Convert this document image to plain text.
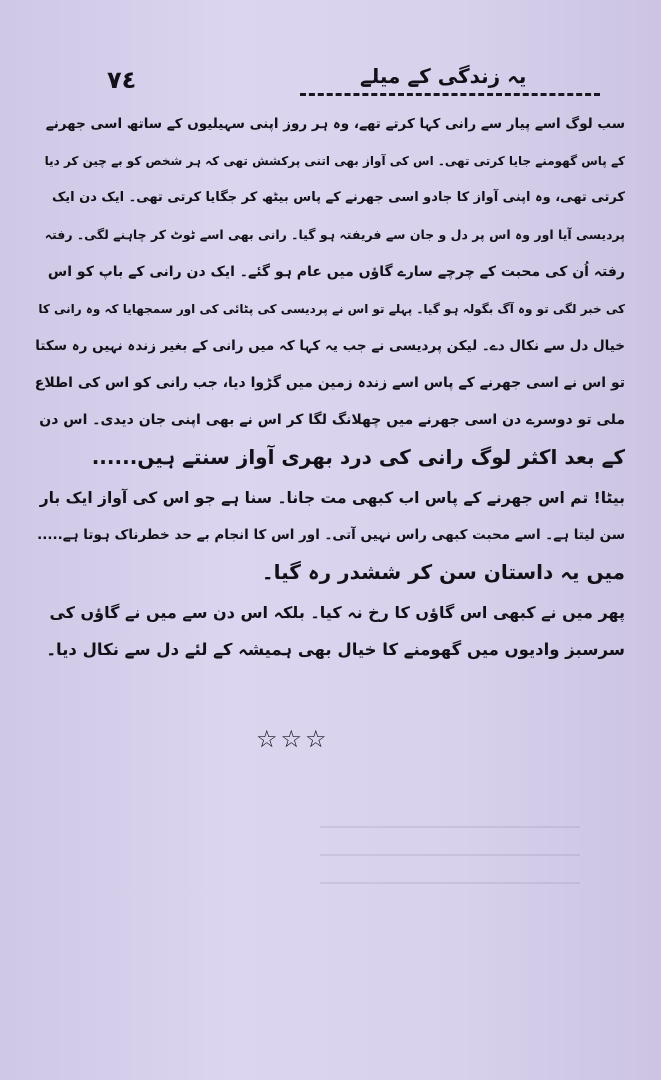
٧٤	یہ زندگی کے میلے
سب لوگ اسے پیار سے رانی کہا کرتے تھے، وہ ہر روز اپنی سہیلیوں کے ساتھ اسی جھرنے
کے پاس گھومنے جایا کرتی تھی۔ اس کی آواز بھی اتنی پرکشش تھی کہ ہر شخص کو بے چین کر دیا
کرتی تھی، وہ اپنی آواز کا جادو اسی جھرنے کے پاس بیٹھ کر جگایا کرتی تھی۔ ایک دن ایک
پردیسی آیا اور وہ اس پر دل و جان سے فریفتہ ہو گیا۔ رانی بھی اسے ٹوٹ کر چاہنے لگی۔ رفتہ
رفتہ اُن کی محبت کے چرچے سارے گاؤں میں عام ہو گئے۔ ایک دن رانی کے باپ کو اس
کی خبر لگی تو وہ آگ بگولہ ہو گیا۔ پہلے تو اس نے پردیسی کی پٹائی کی اور سمجھایا کہ وہ رانی کا
خیال دل سے نکال دے۔ لیکن پردیسی نے جب یہ کہا کہ میں رانی کے بغیر زندہ نہیں رہ سکتا
تو اس نے اسی جھرنے کے پاس اسے زندہ زمین میں گڑوا دیا، جب رانی کو اس کی اطلاع
ملی تو دوسرے دن اسی جھرنے میں چھلانگ لگا کر اس نے بھی اپنی جان دیدی۔ اس دن
کے بعد اکثر لوگ رانی کی درد بھری آواز سنتے ہیں......
بیٹا! تم اس جھرنے کے پاس اب کبھی مت جانا۔ سنا ہے جو اس کی آواز ایک بار
سن لیتا ہے۔ اسے محبت کبھی راس نہیں آتی۔ اور اس کا انجام بے حد خطرناک ہوتا ہے.....
میں یہ داستان سن کر ششدر رہ گیا۔
پھر میں نے کبھی اس گاؤں کا رخ نہ کیا۔ بلکہ اس دن سے میں نے گاؤں کی
سرسبز وادیوں میں گھومنے کا خیال بھی ہمیشہ کے لئے دل سے نکال دیا۔
☆☆☆
